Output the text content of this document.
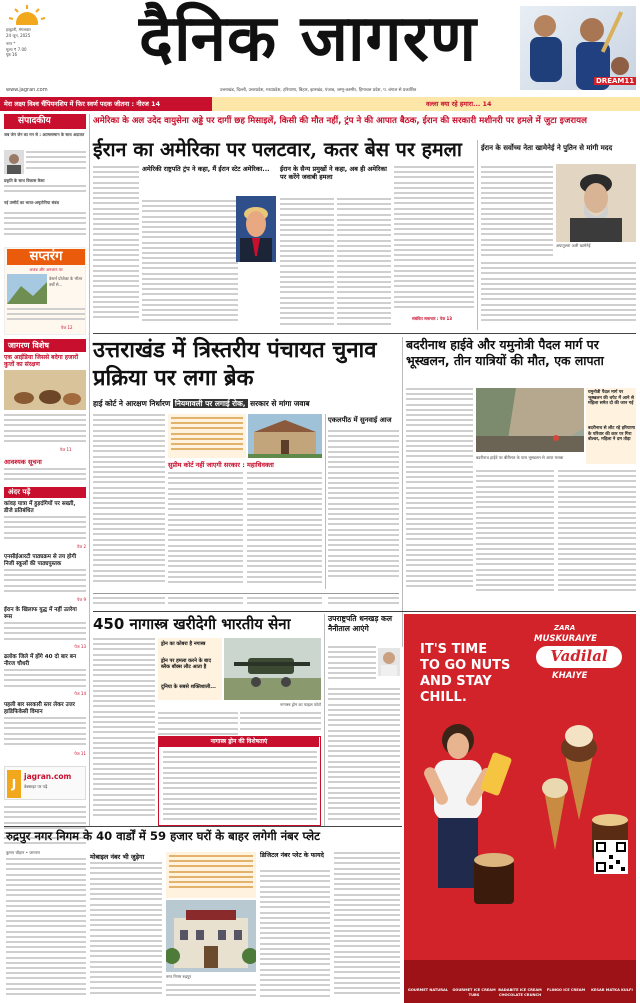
हल्द्वानी, मंगलवार
24 जून, 2025
नगर *
मूल्य ₹ 7.00
पृष्ठ 16	दैनिक जागरण
DREAM11
www.jagran.com	उत्तराखंड, दिल्ली, उत्तरप्रदेश, मध्यप्रदेश, हरियाणा, बिहार, झारखंड, पंजाब, जम्मू-कश्मीर, हिमाचल प्रदेश, प. बंगाल से प्रकाशित
मेरा लक्ष्य विश्व चैंपियनशिप में फिर स्वर्ण पदक जीतना : नीरज 14	वल्ला क्या रहे हमारा... 14
संपादकीय
जब जेन जेन का मन से : आत्मसम्मान के साथ अदालत
प्रकृति के साथ विकास कैसा
नई उम्मीदें का भारत-अमृतोनिया संबंध
सप्तरंग
अजब और अनजान पर
वेस्टर्न प्रोजेक्ट के भीतर वर्षों से...
पेज 12
जागरण विशेष
एक आईडिया जिससे बदेगा हजारों कुत्तों का संरक्षण
पेज 11
आवश्यक सूचना
अंदर पढ़ें
कांवड़ यात्रा में हुड़दंगियों पर सख्ती, डीजे प्रतिबंधित
पेज 2
एनसीईआरटी पाठ्यक्रम से तय होगी निजी स्कूलों की पाठ्यपुस्तक
पेज 9
ईरान के खिलाफ युद्ध में नहीं उतरेगा रूस
पेज 13
ढलोक जिले में होंगे 40 दो बार बन नीरज चौधरी
पेज 14
पहली बार सरकारी स्तर लेकर उत्तर हाडिफिकेसी विमान
पेज 11
J
jagran.com
वेबसाइट पर पढ़ें
अमेरिका के अल उदेद वायुसेना अड्डे पर दागीं छह मिसाइलें, किसी की मौत नहीं, ट्रंप ने की आपात बैठक, ईरान की सरकारी मशीनरी पर हमले में जुटा इजरायल
ईरान का अमेरिका पर पलटवार, कतर बेस पर हमला
अमेरिकी राष्ट्रपति ट्रंप ने कहा, मैं ईरान स्टेट अमेरिका... ईरान के सैन्य प्रमुखों ने कहा, अब ही अमेरिका पर करेंगे जवाबी हमला
संबंधित समाचार : पेज 13
ईरान के सर्वोच्च नेता खामेनेई ने पुतिन से मांगी मदद
अयातुल्ला अली खामेनेई
उत्तराखंड में त्रिस्तरीय पंचायत चुनाव प्रक्रिया पर लगा ब्रेक
हाई कोर्ट ने आरक्षण निर्धारण नियमावली पर लगाई रोक, सरकार से मांगा जवाब
सुप्रीम कोर्ट नहीं जाएगी सरकार : महाधिवक्ता
एकलपीठ में सुनवाई आज
बदरीनाथ हाईवे और यमुनोत्री पैदल मार्ग पर भूस्खलन, तीन यात्रियों की मौत, एक लापता
यमुनोत्री पैदल मार्ग पर भूस्खलन की चपेट में आने से महिला समेत दो की जान गई
बदरीनाथ से लौट रहे हरियाणा के परिवार की कार पर गिरा बोल्डर, महिला ने दम तोड़ा
बदरीनाथ हाईवे पर बीरीसार के पास भूस्खलन से आया मलबा
450 नागास्त्र खरीदेगी भारतीय सेना
ड्रोन का कोबरा है नगास्त्र
ड्रोन पर हमला करने के बाद ब्लैक बॉक्स लौट आता है
दुनिया के सबसे शक्तिशाली...
नागास्त्र ड्रोन का फाइल फोटो
नागास्त्र ड्रोन की विशेषताएं
उपराष्ट्रपति धनखड़ कल नैनीताल आएंगे
IT'S TIME
TO GO NUTS
AND STAY
CHILL.
ZARA
MUSKURAIYE
Vadilal
KHAIYE
GOURMET NATURAL	GOURMET ICE CREAM TUBS
BADABITE ICE CREAM CHOCOLATE CRUNCH
FLINGO ICE CREAM	KESAR MATKA KULFI
रुद्रपुर नगर निगम के 40 वार्डों में 59 हजार घरों के बाहर लगेगी नंबर प्लेट
कुमार चौहान • जागरण
मोबाइल नंबर भी जुड़ेगा
नगर निगम रुद्रपुर
डिजिटल नंबर प्लेट के फायदे
